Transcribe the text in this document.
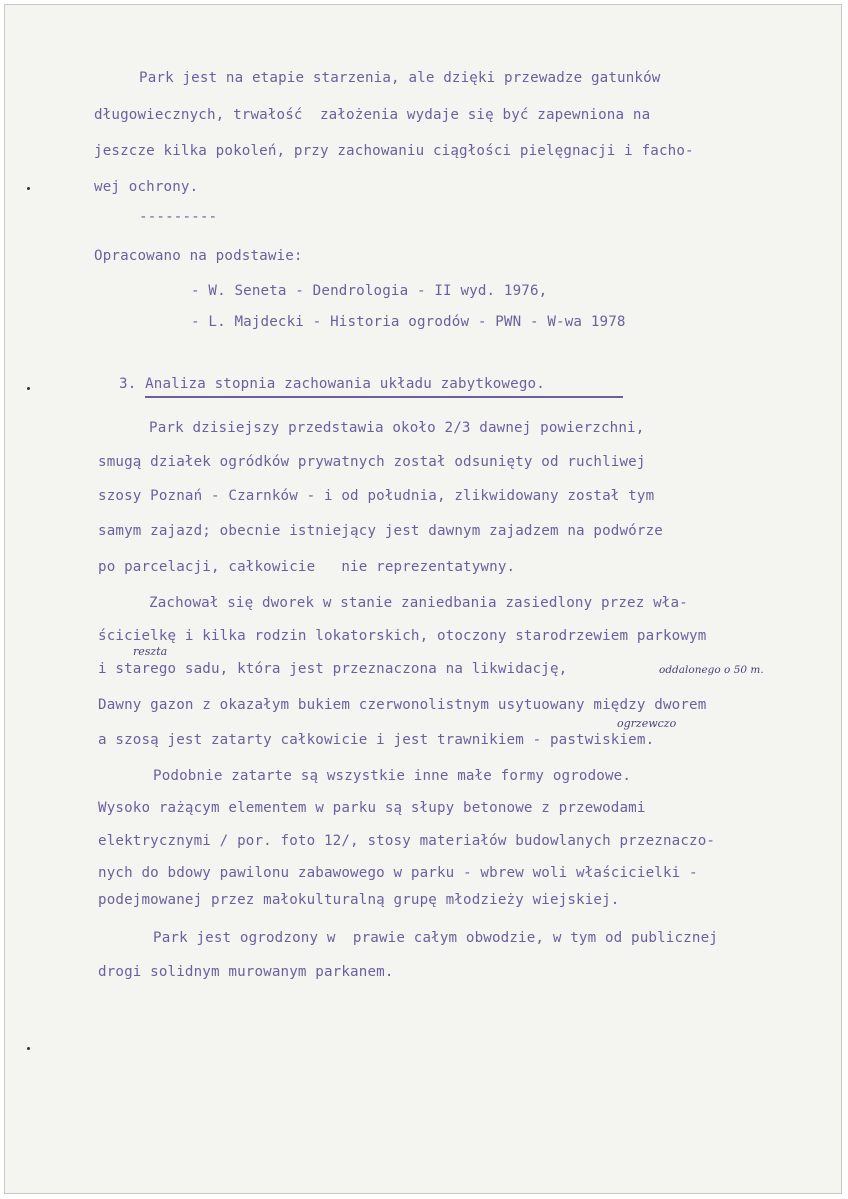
Park jest na etapie starzenia, ale dzięki przewadze gatunków
długowiecznych, trwałość  założenia wydaje się być zapewniona na
jeszcze kilka pokoleń, przy zachowaniu ciągłości pielęgnacji i facho-
wej ochrony.
---------
Opracowano na podstawie:
- W. Seneta - Dendrologia - II wyd. 1976,
- L. Majdecki - Historia ogrodów - PWN - W-wa 1978
3. Analiza stopnia zachowania układu zabytkowego.
Park dzisiejszy przedstawia około 2/3 dawnej powierzchni,
smugą działek ogródków prywatnych został odsunięty od ruchliwej
szosy Poznań - Czarnków - i od południa, zlikwidowany został tym
samym zajazd; obecnie istniejący jest dawnym zajadzem na podwórze
po parcelacji, całkowicie   nie reprezentatywny.
Zachował się dworek w stanie zaniedbania zasiedlony przez wła-
ścicielkę i kilka rodzin lokatorskich, otoczony starodrzewiem parkowym
reszta
i starego sadu, która jest przeznaczona na likwidację,	oddalonego o 50 m.
Dawny gazon z okazałym bukiem czerwonolistnym usytuowany między dworem
ogrzewczo
a szosą jest zatarty całkowicie i jest trawnikiem - pastwiskiem.
Podobnie zatarte są wszystkie inne małe formy ogrodowe.
Wysoko rażącym elementem w parku są słupy betonowe z przewodami
elektrycznymi / por. foto 12/, stosy materiałów budowlanych przeznaczo-
nych do bdowy pawilonu zabawowego w parku - wbrew woli właścicielki -
podejmowanej przez małokulturalną grupę młodzieży wiejskiej.
Park jest ogrodzony w  prawie całym obwodzie, w tym od publicznej
drogi solidnym murowanym parkanem.
